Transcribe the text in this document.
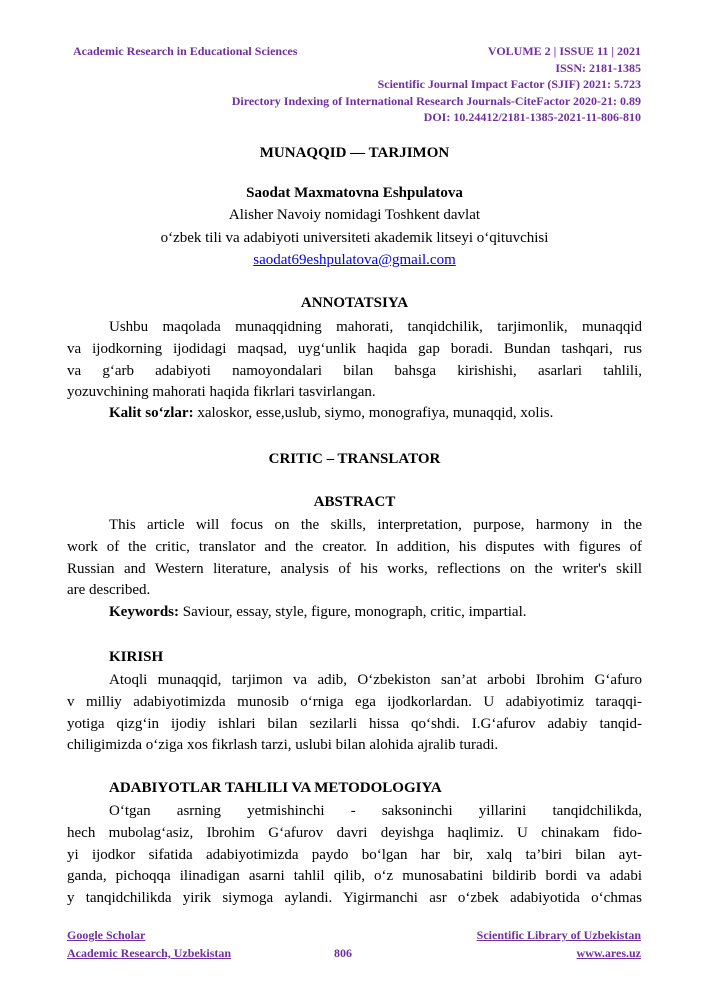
Academic Research in Educational Sciences	VOLUME 2 | ISSUE 11 | 2021
ISSN: 2181-1385
Scientific Journal Impact Factor (SJIF) 2021: 5.723
Directory Indexing of International Research Journals-CiteFactor 2020-21: 0.89
DOI: 10.24412/2181-1385-2021-11-806-810
MUNAQQID — TARJIMON
Saodat Maxmatovna Eshpulatova
Alisher Navoiy nomidagi Toshkent davlat
o‘zbek tili va adabiyoti universiteti akademik litseyi o‘qituvchisi
saodat69eshpulatova@gmail.com
ANNOTATSIYA
Ushbu maqolada munaqqidning mahorati, tanqidchilik, tarjimonlik, munaqqid
va ijodkorning ijodidagi maqsad, uyg‘unlik haqida gap boradi. Bundan tashqari, rus
va g‘arb adabiyoti namoyondalari bilan bahsga kirishishi, asarlari tahlili,
yozuvchining mahorati haqida fikrlari tasvirlangan.
Kalit so‘zlar: xaloskor, esse,uslub, siymo, monografiya, munaqqid, xolis.
CRITIC – TRANSLATOR
ABSTRACT
This article will focus on the skills, interpretation, purpose, harmony in the
work of the critic, translator and the creator. In addition, his disputes with figures of
Russian and Western literature, analysis of his works, reflections on the writer's skill
are described.
Keywords: Saviour, essay, style, figure, monograph, critic, impartial.
KIRISH
Atoqli munaqqid, tarjimon va adib, O‘zbekiston san’at arbobi Ibrohim G‘afuro
v milliy adabiyotimizda munosib o‘rniga ega ijodkorlardan. U adabiyotimiz taraqqi-
yotiga qizg‘in ijodiy ishlari bilan sezilarli hissa qo‘shdi. I.G‘afurov adabiy tanqid-
chiligimizda o‘ziga xos fikrlash tarzi, uslubi bilan alohida ajralib turadi.
ADABIYOTLAR TAHLILI VA METODOLOGIYA
O‘tgan asrning yetmishinchi - saksoninchi yillarini tanqidchilikda,
hech mubolag‘asiz, Ibrohim G‘afurov davri deyishga haqlimiz. U chinakam fido-
yi ijodkor sifatida adabiyotimizda paydo bo‘lgan har bir, xalq ta’biri bilan ayt-
ganda, pichoqqa ilinadigan asarni tahlil qilib, o‘z munosabatini bildirib bordi va adabi
y tanqidchilikda yirik siymoga aylandi. Yigirmanchi asr o‘zbek adabiyotida o‘chmas
Google Scholar
Academic Research, Uzbekistan	806
Scientific Library of Uzbekistan
www.ares.uz
